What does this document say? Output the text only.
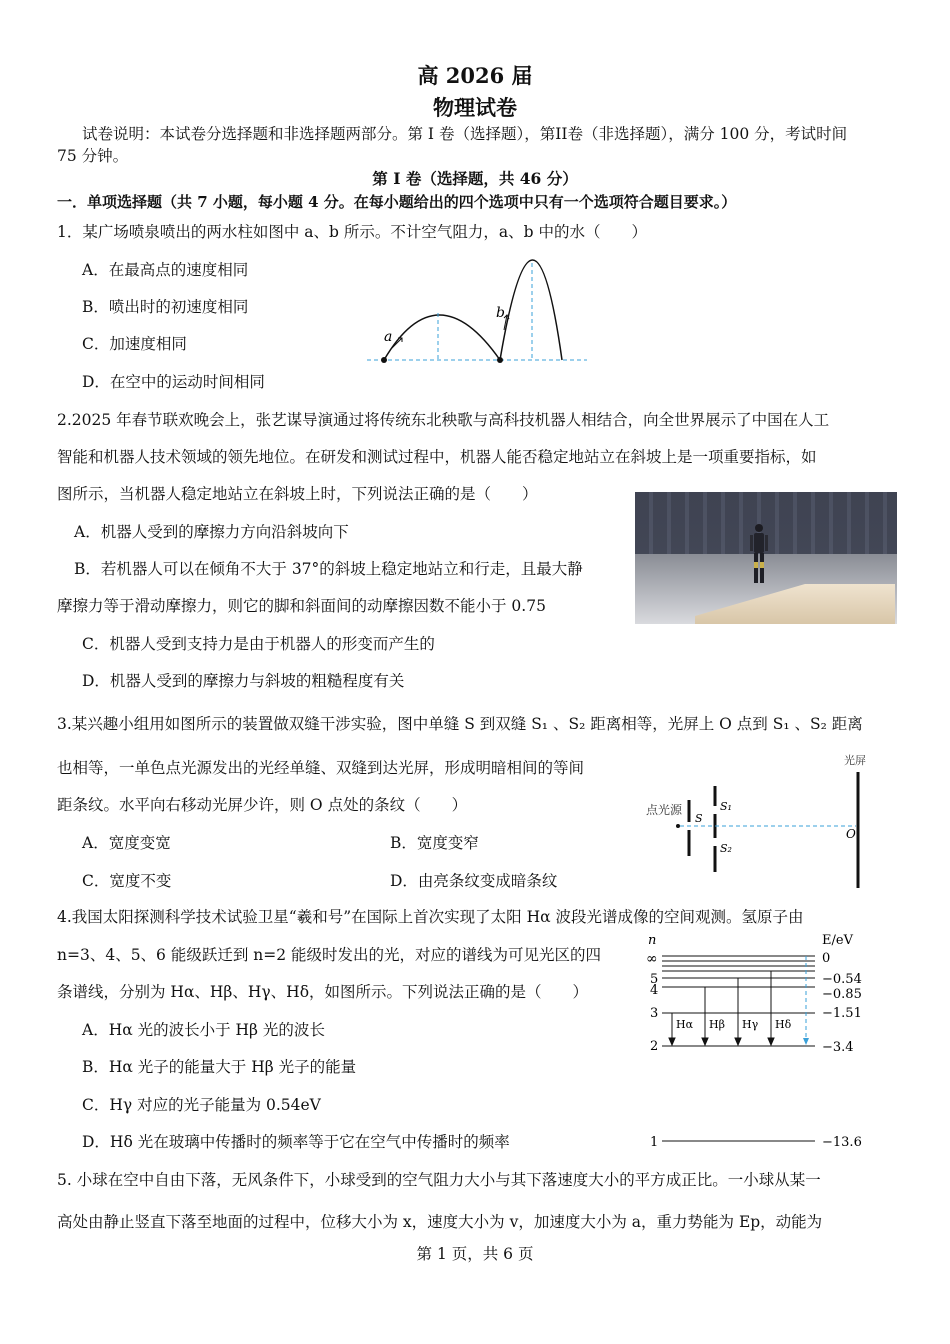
高 2026 届
物理试卷
试卷说明：本试卷分选择题和非选择题两部分。第 I 卷（选择题），第II卷（非选择题），满分 100 分，考试时间
75 分钟。
第 I 卷（选择题，共 46 分）
一．单项选择题（共 7 小题，每小题 4 分。在每小题给出的四个选项中只有一个选项符合题目要求。）
1．某广场喷泉喷出的两水柱如图中 a、b 所示。不计空气阻力，a、b 中的水（　　）
A．在最高点的速度相同
B．喷出时的初速度相同
C．加速度相同
D．在空中的运动时间相同
a
b
2.2025 年春节联欢晚会上，张艺谋导演通过将传统东北秧歌与高科技机器人相结合，向全世界展示了中国在人工
智能和机器人技术领域的领先地位。在研发和测试过程中，机器人能否稳定地站立在斜坡上是一项重要指标，如
图所示，当机器人稳定地站立在斜坡上时，下列说法正确的是（　　）
A．机器人受到的摩擦力方向沿斜坡向下
B．若机器人可以在倾角不大于 37°的斜坡上稳定地站立和行走，且最大静
摩擦力等于滑动摩擦力，则它的脚和斜面间的动摩擦因数不能小于 0.75
C．机器人受到支持力是由于机器人的形变而产生的
D．机器人受到的摩擦力与斜坡的粗糙程度有关
3.某兴趣小组用如图所示的装置做双缝干涉实验，图中单缝 S 到双缝 S₁ 、S₂ 距离相等，光屏上 O 点到 S₁ 、S₂ 距离
也相等，一单色点光源发出的光经单缝、双缝到达光屏，形成明暗相间的等间
距条纹。水平向右移动光屏少许，则 O 点处的条纹（　　）
A．宽度变宽	B．宽度变窄
C．宽度不变	D．由亮条纹变成暗条纹
光屏
点光源
S
S₁
S₂
O
4.我国太阳探测科学技术试验卫星“羲和号”在国际上首次实现了太阳 Hα 波段光谱成像的空间观测。氢原子由
n=3、4、5、6 能级跃迁到 n=2 能级时发出的光，对应的谱线为可见光区的四
条谱线，分别为 Hα、Hβ、Hγ、Hδ，如图所示。下列说法正确的是（　　）
A．Hα 光的波长小于 Hβ 光的波长
B．Hα 光子的能量大于 Hβ 光子的能量
C．Hγ 对应的光子能量为 0.54eV
D．Hδ 光在玻璃中传播时的频率等于它在空气中传播时的频率
n	E/eV
∞
5
4
3
2
1
0
−0.54
−0.85
−1.51
−3.4
−13.6
Hα Hβ Hγ Hδ
5. 小球在空中自由下落，无风条件下，小球受到的空气阻力大小与其下落速度大小的平方成正比。一小球从某一
高处由静止竖直下落至地面的过程中，位移大小为 x，速度大小为 v，加速度大小为 a，重力势能为 Ep，动能为
第 1 页，共 6 页
